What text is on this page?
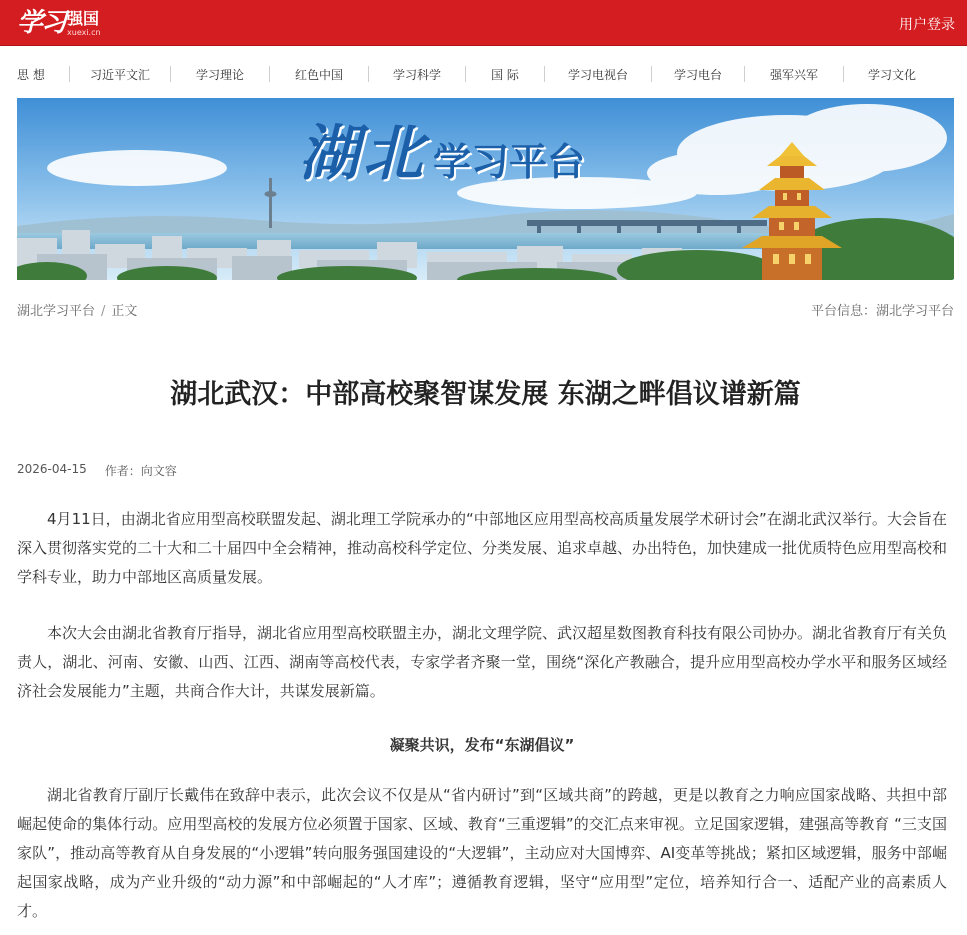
学习 强国
xuexi.cn	用户登录
思 想	习近平文汇	学习理论	红色中国	学习科学	国 际	学习电视台	学习电台	强军兴军	学习文化
湖北 学习平台
湖北学习平台 / 正文	平台信息：湖北学习平台
湖北武汉：中部高校聚智谋发展 东湖之畔倡议谱新篇
2026-04-15 作者：向文容

4月11日，由湖北省应用型高校联盟发起、湖北理工学院承办的“中部地区应用型高校高质量发展学术研讨会”在湖北武汉举行。大会旨在深入贯彻落实党的二十大和二十届四中全会精神，推动高校科学定位、分类发展、追求卓越、办出特色，加快建成一批优质特色应用型高校和学科专业，助力中部地区高质量发展。

本次大会由湖北省教育厅指导，湖北省应用型高校联盟主办，湖北文理学院、武汉超星数图教育科技有限公司协办。湖北省教育厅有关负责人，湖北、河南、安徽、山西、江西、湖南等高校代表，专家学者齐聚一堂，围绕“深化产教融合，提升应用型高校办学水平和服务区域经济社会发展能力”主题，共商合作大计，共谋发展新篇。

凝聚共识，发布“东湖倡议”

湖北省教育厅副厅长戴伟在致辞中表示，此次会议不仅是从“省内研讨”到“区域共商”的跨越，更是以教育之力响应国家战略、共担中部崛起使命的集体行动。应用型高校的发展方位必须置于国家、区域、教育“三重逻辑”的交汇点来审视。立足国家逻辑，建强高等教育 “三支国家队”，推动高等教育从自身发展的“小逻辑”转向服务强国建设的“大逻辑”，主动应对大国博弈、AI变革等挑战；紧扣区域逻辑，服务中部崛起国家战略，成为产业升级的“动力源”和中部崛起的“人才库”；遵循教育逻辑，坚守“应用型”定位，培养知行合一、适配产业的高素质人才。
